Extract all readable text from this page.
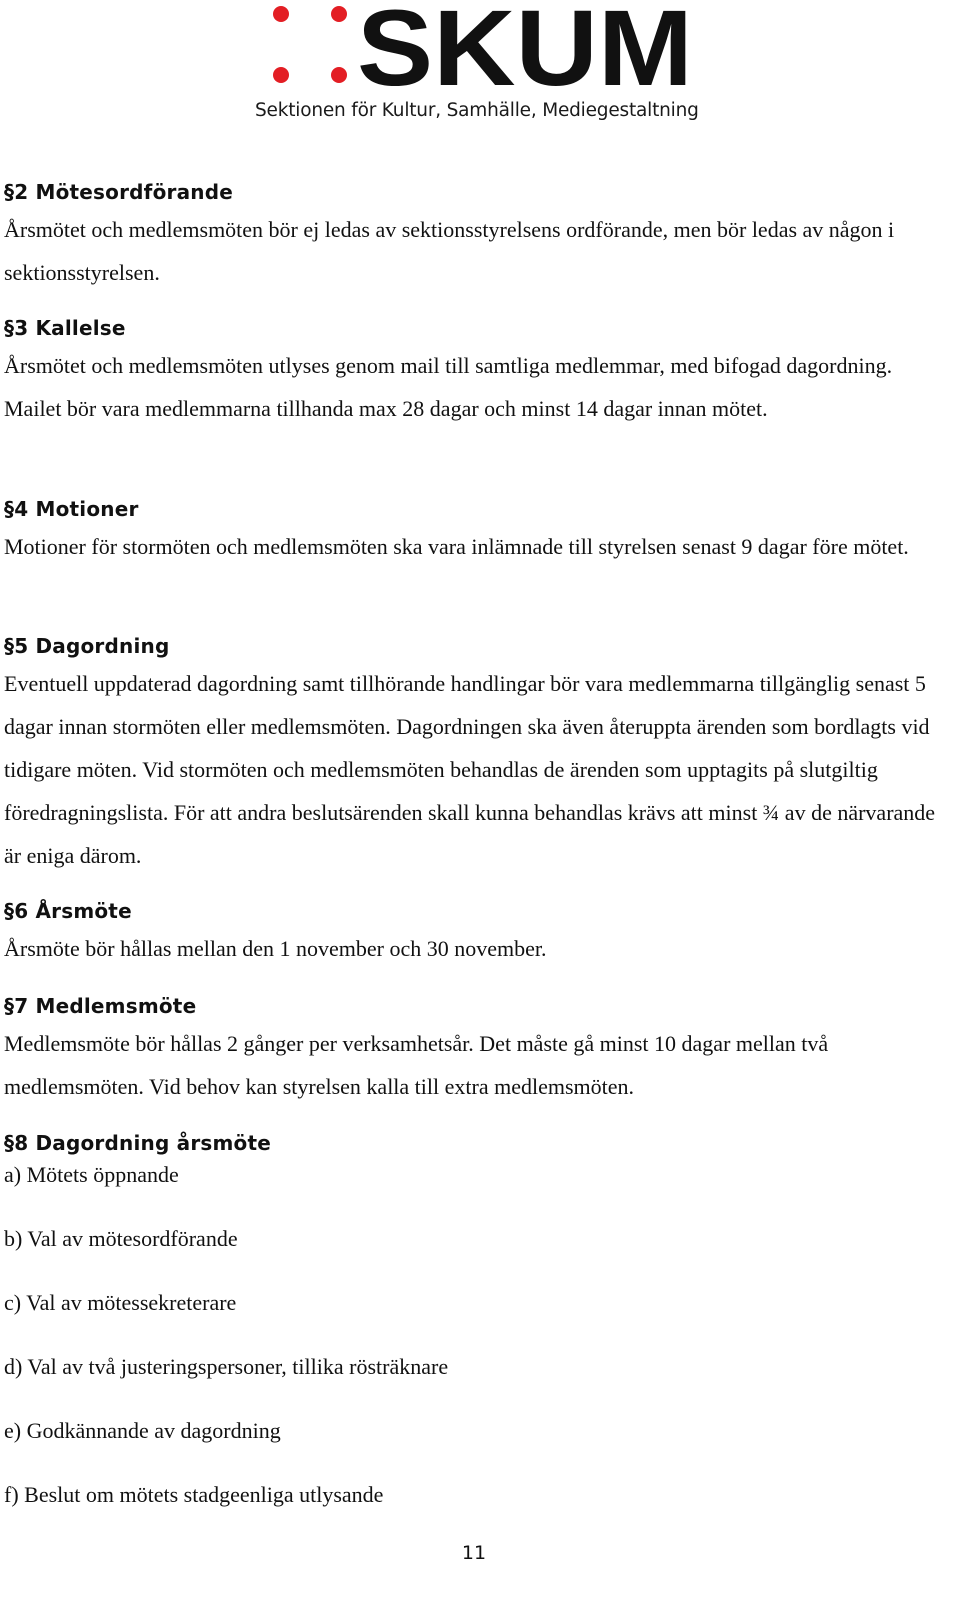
SKUM
Sektionen för Kultur, Samhälle, Mediegestaltning
§2 Mötesordförande

Årsmötet och medlemsmöten bör ej ledas av sektionsstyrelsens ordförande, men bör ledas av någon i sektionsstyrelsen.

§3 Kallelse

Årsmötet och medlemsmöten utlyses genom mail till samtliga medlemmar, med bifogad dagordning. Mailet bör vara medlemmarna tillhanda max 28 dagar och minst 14 dagar innan mötet.

§4 Motioner

Motioner för stormöten och medlemsmöten ska vara inlämnade till styrelsen senast 9 dagar före mötet.

§5 Dagordning

Eventuell uppdaterad dagordning samt tillhörande handlingar bör vara medlemmarna tillgänglig senast 5 dagar innan stormöten eller medlemsmöten. Dagordningen ska även återuppta ärenden som bordlagts vid tidigare möten. Vid stormöten och medlemsmöten behandlas de ärenden som upptagits på slutgiltig föredragningslista. För att andra beslutsärenden skall kunna behandlas krävs att minst ¾ av de närvarande är eniga därom.

§6 Årsmöte

Årsmöte bör hållas mellan den 1 november och 30 november.

§7 Medlemsmöte

Medlemsmöte bör hållas 2 gånger per verksamhetsår. Det måste gå minst 10 dagar mellan två medlemsmöten. Vid behov kan styrelsen kalla till extra medlemsmöten.

§8 Dagordning årsmöte
a) Mötets öppnande
b) Val av mötesordförande
c) Val av mötessekreterare
d) Val av två justeringspersoner, tillika rösträknare
e) Godkännande av dagordning
f) Beslut om mötets stadgeenliga utlysande
11
